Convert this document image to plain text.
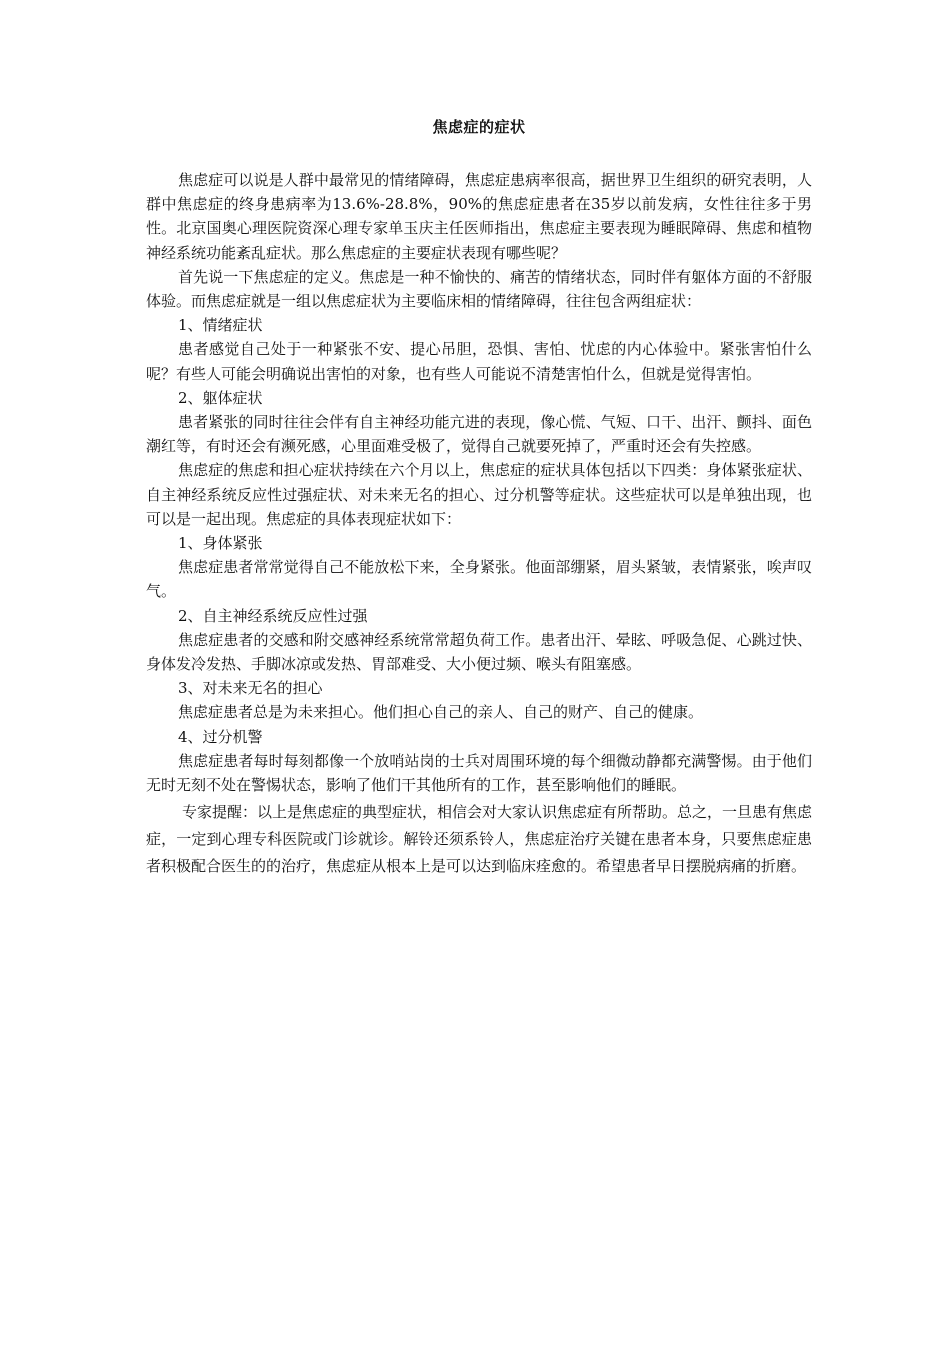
焦虑症的症状

焦虑症可以说是人群中最常见的情绪障碍，焦虑症患病率很高，据世界卫生组织的研究表明，人群中焦虑症的终身患病率为13.6%-28.8%，90%的焦虑症患者在35岁以前发病，女性往往多于男性。北京国奥心理医院资深心理专家单玉庆主任医师指出，焦虑症主要表现为睡眠障碍、焦虑和植物神经系统功能紊乱症状。那么焦虑症的主要症状表现有哪些呢？

首先说一下焦虑症的定义。焦虑是一种不愉快的、痛苦的情绪状态，同时伴有躯体方面的不舒服体验。而焦虑症就是一组以焦虑症状为主要临床相的情绪障碍，往往包含两组症状：

1、情绪症状

患者感觉自己处于一种紧张不安、提心吊胆，恐惧、害怕、忧虑的内心体验中。紧张害怕什么呢？有些人可能会明确说出害怕的对象，也有些人可能说不清楚害怕什么，但就是觉得害怕。

2、躯体症状

患者紧张的同时往往会伴有自主神经功能亢进的表现，像心慌、气短、口干、出汗、颤抖、面色潮红等，有时还会有濒死感，心里面难受极了，觉得自己就要死掉了，严重时还会有失控感。

焦虑症的焦虑和担心症状持续在六个月以上，焦虑症的症状具体包括以下四类：身体紧张症状、自主神经系统反应性过强症状、对未来无名的担心、过分机警等症状。这些症状可以是单独出现，也可以是一起出现。焦虑症的具体表现症状如下：

1、身体紧张

焦虑症患者常常觉得自己不能放松下来，全身紧张。他面部绷紧，眉头紧皱，表情紧张，唉声叹气。

2、自主神经系统反应性过强

焦虑症患者的交感和附交感神经系统常常超负荷工作。患者出汗、晕眩、呼吸急促、心跳过快、身体发冷发热、手脚冰凉或发热、胃部难受、大小便过频、喉头有阻塞感。

3、对未来无名的担心

焦虑症患者总是为未来担心。他们担心自己的亲人、自己的财产、自己的健康。

4、过分机警

焦虑症患者每时每刻都像一个放哨站岗的士兵对周围环境的每个细微动静都充满警惕。由于他们无时无刻不处在警惕状态，影响了他们干其他所有的工作，甚至影响他们的睡眠。

专家提醒：以上是焦虑症的典型症状，相信会对大家认识焦虑症有所帮助。总之，一旦患有焦虑症，一定到心理专科医院或门诊就诊。解铃还须系铃人，焦虑症治疗关键在患者本身，只要焦虑症患者积极配合医生的的治疗，焦虑症从根本上是可以达到临床痊愈的。希望患者早日摆脱病痛的折磨。
